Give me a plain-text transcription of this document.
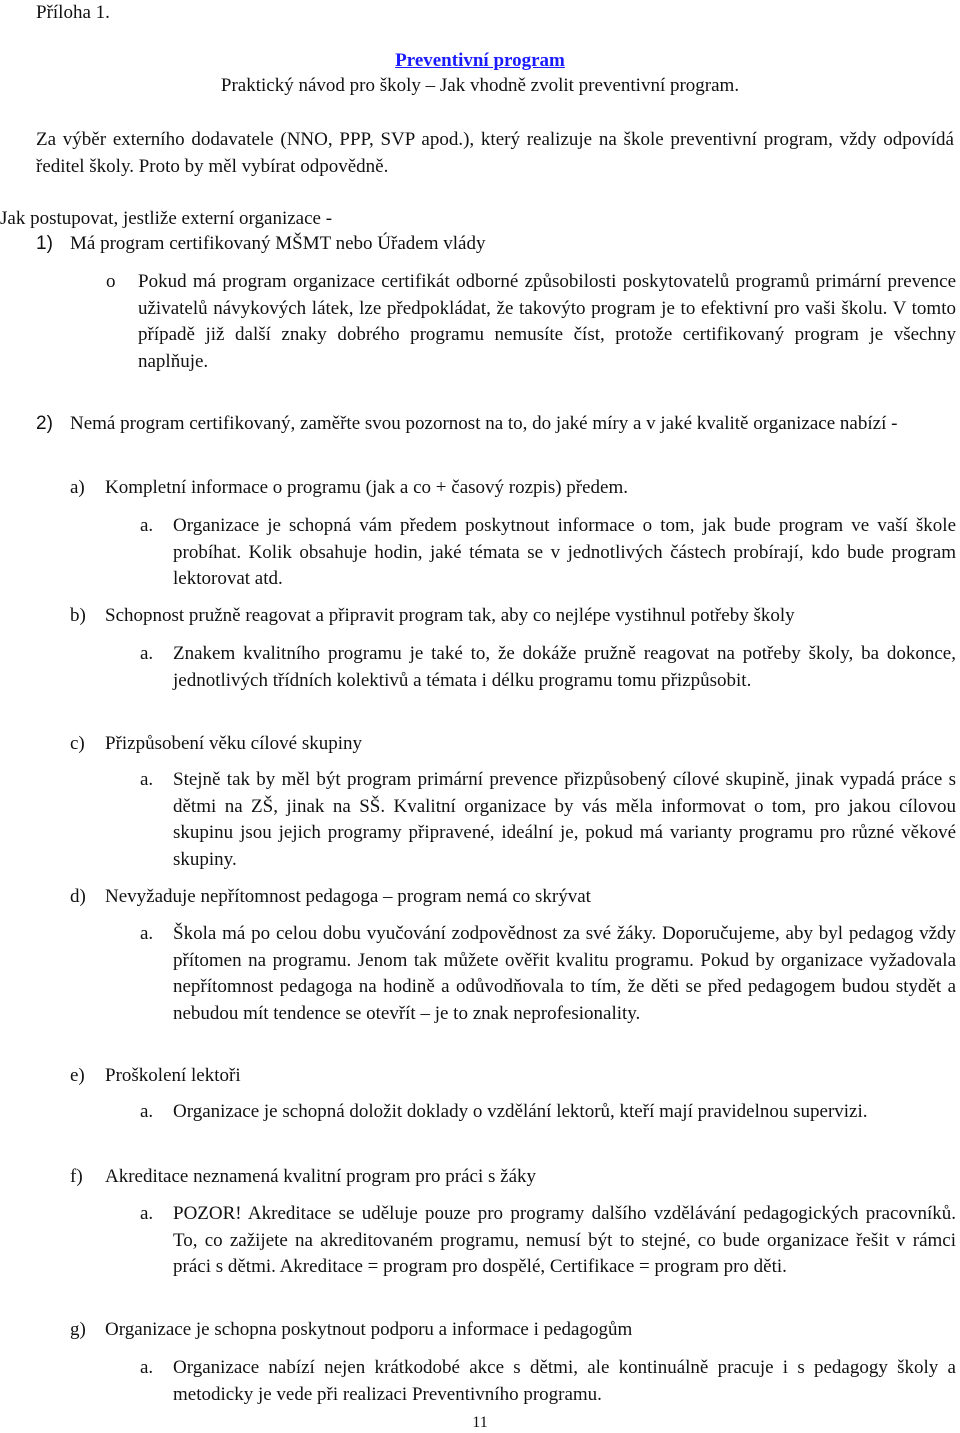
Příloha 1.
Preventivní program
Praktický návod pro školy – Jak vhodně zvolit preventivní program.
Za výběr externího dodavatele (NNO, PPP, SVP apod.), který realizuje na škole preventivní program, vždy odpovídá ředitel školy. Proto by měl vybírat odpovědně.
Jak postupovat, jestliže externí organizace -
1) Má program certifikovaný MŠMT nebo Úřadem vlády
o Pokud má program organizace certifikát odborné způsobilosti poskytovatelů programů primární prevence uživatelů návykových látek, lze předpokládat, že takovýto program je to efektivní pro vaši školu. V tomto případě již další znaky dobrého programu nemusíte číst, protože certifikovaný program je všechny naplňuje.
2) Nemá program certifikovaný, zaměřte svou pozornost na to, do jaké míry a v jaké kvalitě organizace nabízí -
a) Kompletní informace o programu (jak a co + časový rozpis) předem.
a. Organizace je schopná vám předem poskytnout informace o tom, jak bude program ve vaší škole probíhat. Kolik obsahuje hodin, jaké témata se v jednotlivých částech probírají, kdo bude program lektorovat atd.
b) Schopnost pružně reagovat a připravit program tak, aby co nejlépe vystihnul potřeby školy
a. Znakem kvalitního programu je také to, že dokáže pružně reagovat na potřeby školy, ba dokonce, jednotlivých třídních kolektivů a témata i délku programu tomu přizpůsobit.
c) Přizpůsobení věku cílové skupiny
a. Stejně tak by měl být program primární prevence přizpůsobený cílové skupině, jinak vypadá práce s dětmi na ZŠ, jinak na SŠ. Kvalitní organizace by vás měla informovat o tom, pro jakou cílovou skupinu jsou jejich programy připravené, ideální je, pokud má varianty programu pro různé věkové skupiny.
d) Nevyžaduje nepřítomnost pedagoga – program nemá co skrývat
a. Škola má po celou dobu vyučování zodpovědnost za své žáky. Doporučujeme, aby byl pedagog vždy přítomen na programu. Jenom tak můžete ověřit kvalitu programu. Pokud by organizace vyžadovala nepřítomnost pedagoga na hodině a odůvodňovala to tím, že děti se před pedagogem budou stydět a nebudou mít tendence se otevřít – je to znak neprofesionality.
e) Proškolení lektoři
a. Organizace je schopná doložit doklady o vzdělání lektorů, kteří mají pravidelnou supervizi.
f) Akreditace neznamená kvalitní program pro práci s žáky
a. POZOR! Akreditace se uděluje pouze pro programy dalšího vzdělávání pedagogických pracovníků. To, co zažijete na akreditovaném programu, nemusí být to stejné, co bude organizace řešit v rámci práci s dětmi. Akreditace = program pro dospělé, Certifikace = program pro děti.
g) Organizace je schopna poskytnout podporu a informace i pedagogům
a. Organizace nabízí nejen krátkodobé akce s dětmi, ale kontinuálně pracuje i s pedagogy školy a metodicky je vede při realizaci Preventivního programu.
11
